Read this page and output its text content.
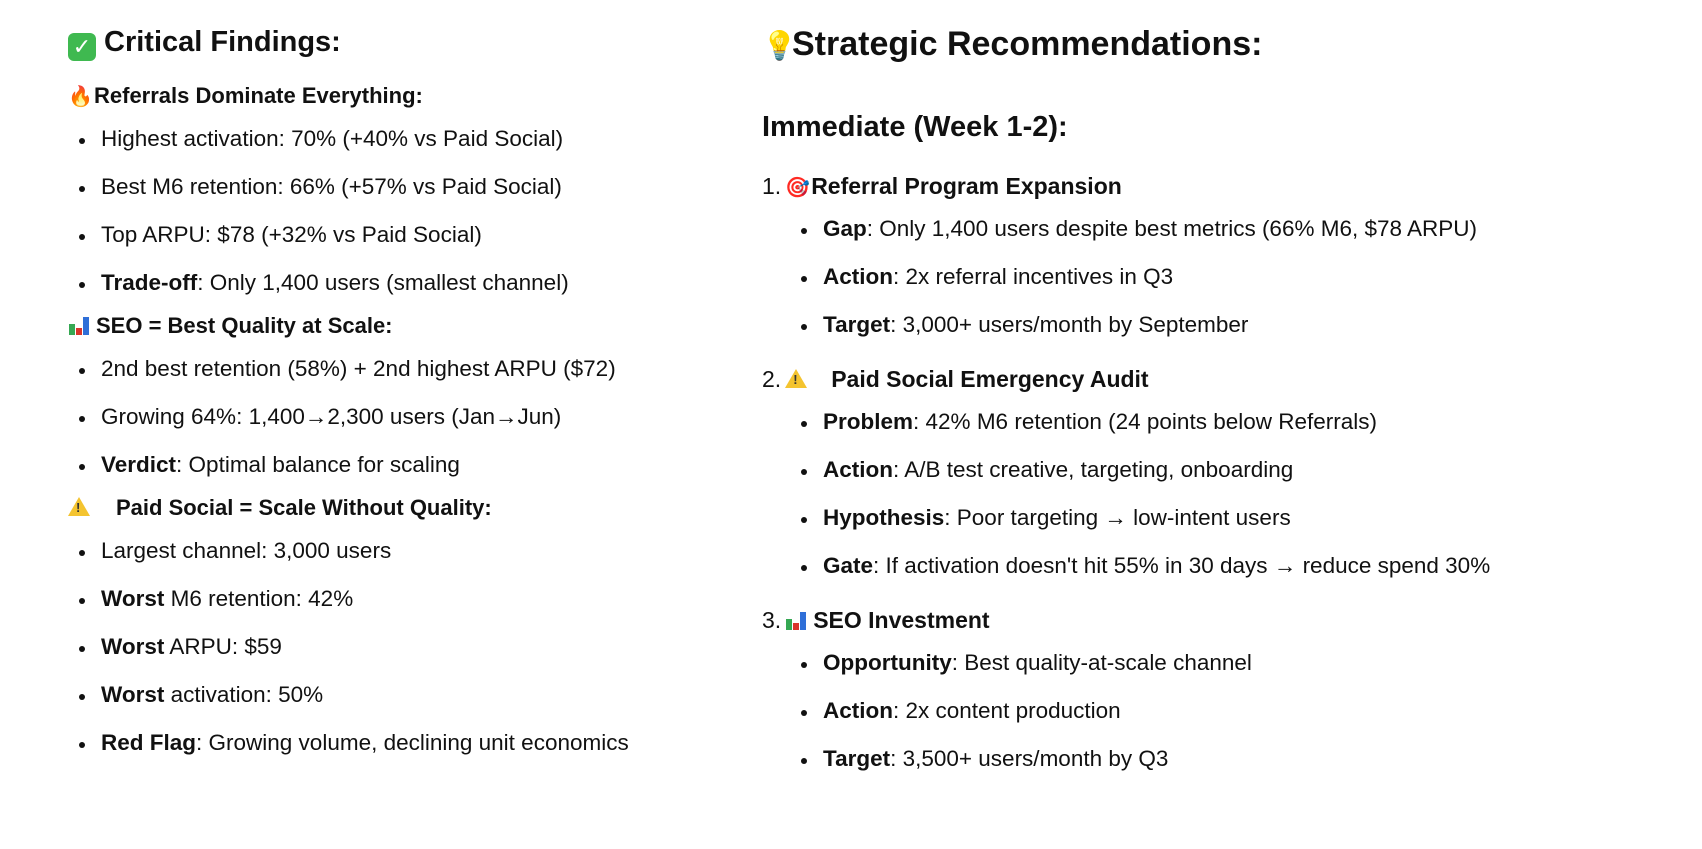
✓ Critical Findings:
🔥Referrals Dominate Everything:
Highest activation: 70% (+40% vs Paid Social)
Best M6 retention: 66% (+57% vs Paid Social)
Top ARPU: $78 (+32% vs Paid Social)
Trade-off: Only 1,400 users (smallest channel)
SEO = Best Quality at Scale:
2nd best retention (58%) + 2nd highest ARPU ($72)
Growing 64%: 1,400→2,300 users (Jan→Jun)
Verdict: Optimal balance for scaling
!Paid Social = Scale Without Quality:
Largest channel: 3,000 users
Worst M6 retention: 42%
Worst ARPU: $59
Worst activation: 50%
Red Flag: Growing volume, declining unit economics
💡Strategic Recommendations:
Immediate (Week 1-2):
1. 🎯Referral Program Expansion
Gap: Only 1,400 users despite best metrics (66% M6, $78 ARPU)
Action: 2x referral incentives in Q3
Target: 3,000+ users/month by September
2. ! Paid Social Emergency Audit
Problem: 42% M6 retention (24 points below Referrals)
Action: A/B test creative, targeting, onboarding
Hypothesis: Poor targeting → low-intent users
Gate: If activation doesn't hit 55% in 30 days → reduce spend 30%
3. SEO Investment
Opportunity: Best quality-at-scale channel
Action: 2x content production
Target: 3,500+ users/month by Q3
